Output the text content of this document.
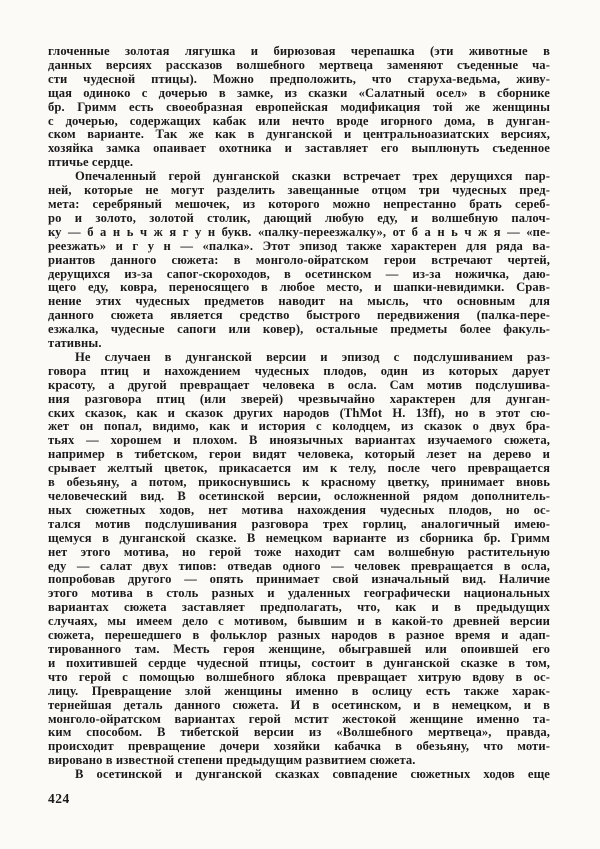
глоченные золотая лягушка и бирюзовая черепашка (эти животные в
данных версиях рассказов волшебного мертвеца заменяют съеденные ча-
сти чудесной птицы). Можно предположить, что старуха-ведьма, живу-
щая одиноко с дочерью в замке, из сказки «Салатный осел» в сборнике
бр. Гримм есть своеобразная европейская модификация той же женщины
с дочерью, содержащих кабак или нечто вроде игорного дома, в дунган-
ском варианте. Так же как в дунганской и центральноазиатских версиях,
хозяйка замка опаивает охотника и заставляет его выплюнуть съеденное
птичье сердце.
Опечаленный герой дунганской сказки встречает трех дерущихся пар-
ней, которые не могут разделить завещанные отцом три чудесных пред-
мета: серебряный мешочек, из которого можно непрестанно брать сереб-
ро и золото, золотой столик, дающий любую еду, и волшебную палоч-
ку — б а н ь ч ж я г у н букв. «палку-переезжалку», от б а н ь ч ж я — «пе-
реезжать» и г у н — «палка». Этот эпизод также характерен для ряда ва-
риантов данного сюжета: в монголо-ойратском герои встречают чертей,
дерущихся из-за сапог-скороходов, в осетинском — из-за ножичка, даю-
щего еду, ковра, переносящего в любое место, и шапки-невидимки. Срав-
нение этих чудесных предметов наводит на мысль, что основным для
данного сюжета является средство быстрого передвижения (палка-пере-
езжалка, чудесные сапоги или ковер), остальные предметы более факуль-
тативны.
Не случаен в дунганской версии и эпизод с подслушиванием раз-
говора птиц и нахождением чудесных плодов, один из которых дарует
красоту, а другой превращает человека в осла. Сам мотив подслушива-
ния разговора птиц (или зверей) чрезвычайно характерен для дунган-
ских сказок, как и сказок других народов (ThMot H. 13ff), но в этот сю-
жет он попал, видимо, как и история с колодцем, из сказок о двух бра-
тьях — хорошем и плохом. В иноязычных вариантах изучаемого сюжета,
например в тибетском, герои видят человека, который лезет на дерево и
срывает желтый цветок, прикасается им к телу, после чего превращается
в обезьяну, а потом, прикоснувшись к красному цветку, принимает вновь
человеческий вид. В осетинской версии, осложненной рядом дополнитель-
ных сюжетных ходов, нет мотива нахождения чудесных плодов, но ос-
тался мотив подслушивания разговора трех горлиц, аналогичный имею-
щемуся в дунганской сказке. В немецком варианте из сборника бр. Гримм
нет этого мотива, но герой тоже находит сам волшебную растительную
еду — салат двух типов: отведав одного — человек превращается в осла,
попробовав другого — опять принимает свой изначальный вид. Наличие
этого мотива в столь разных и удаленных географически национальных
вариантах сюжета заставляет предполагать, что, как и в предыдущих
случаях, мы имеем дело с мотивом, бывшим и в какой-то древней версии
сюжета, перешедшего в фольклор разных народов в разное время и адап-
тированного там. Месть героя женщине, обыгравшей или опоившей его
и похитившей сердце чудесной птицы, состоит в дунганской сказке в том,
что герой с помощью волшебного яблока превращает хитрую вдову в ос-
лицу. Превращение злой женщины именно в ослицу есть также харак-
тернейшая деталь данного сюжета. И в осетинском, и в немецком, и в
монголо-ойратском вариантах герой мстит жестокой женщине именно та-
ким способом. В тибетской версии из «Волшебного мертвеца», правда,
происходит превращение дочери хозяйки кабачка в обезьяну, что моти-
вировано в известной степени предыдущим развитием сюжета.
В осетинской и дунганской сказках совпадение сюжетных ходов еще
424
